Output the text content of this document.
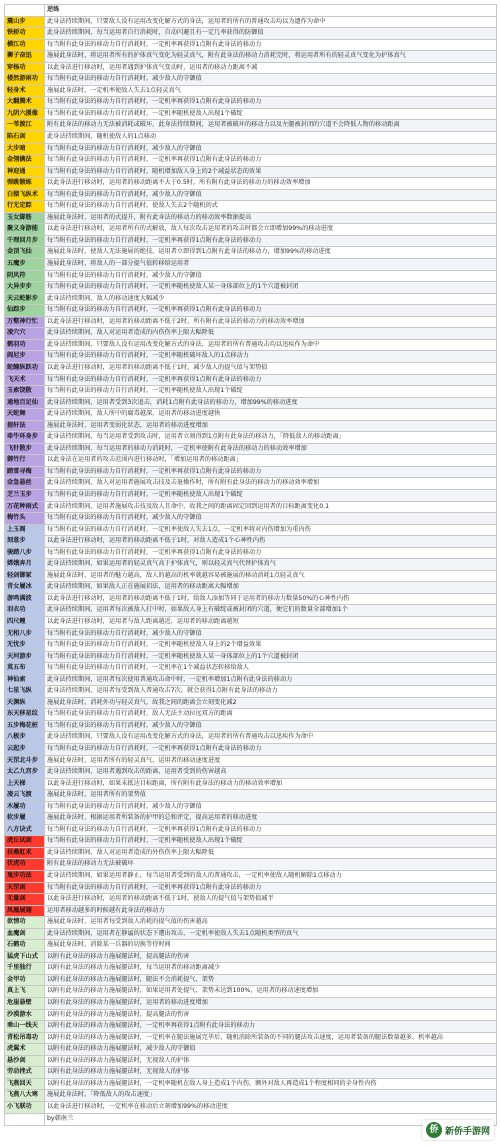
逆练
震山步	此身法持续期间，只要敌人没有运用改变化解方式的身法，运用者的所有的普通攻击均以为遗作为命中
铁轿功	此身法持续期间，每当运用者自行消耗时，自动闪避且有一定几率获得的防御值
横江功	每当附有此身法的移动力自行消耗时，一定机率再获得1点附有此身法的移动力
狮子奋迅	施展此身法时，将运用者所有的护体真气变化为轻灵真气，附有此身法的移动力消耗完时，将运用者所有的轻灵真气变化为护体真气
穿杨功	以此身法进行移动时，运用者遇到护体真气变动时，运用者的移动力距离不减
楼然游雨功	每当附有此身法的移动力自行消耗时，减少敌人的守御值
轻身术	施展此身法时，一定机率使敌人失去1点轻灵真气
大翻腾术	每当附有此身法的移动力自行消耗时，一定机率再获得1点附有此身法的移动力
九阴六援像	每当附有此身法的移动力自行消耗时，一定机率随机使敌人出现1个破绽
一苇渡江	附有此身法的移动力无法被消耗或破坏，此身法持续期间，运用者被破坏的移动力以及左腿被封闭的穴道不会降低人物的移动距离
陷石剑	此身法持续期间，随机使敌人的1点移动
大步暗	每当附有此身法的移动力自行消耗时，减少敌人的守御值
金翎擒法	每当附有此身法的移动力自行消耗时，一定机率再获得1点附有此身法的移动力
神迎通	每当附有此身法的移动力自行消耗时，随机增加敌人身上的2个减益状态的效果
弹跳锻练	以此身法进行移动时，运用者的移动距离不大于0.5时，所有附有此身法的移动力的移动效率增加
白猿飞纵术	每当附有此身法的移动力自行消耗时，减少敌人的守御值
行无定踪	每当附有此身法的移动力自行消耗时，使敌人失去2个随机的式
玉女脚筋	施展此身法时，运用者的式提升，附有此身法的移动力的移动效率数据提高
聚义身游能	以此身法进行移动时，运用者所有的式解放，敌人每次攻击运用者的攻击时都会立即增加99%的移动进度
千理回月步	每当附有此身法的移动力自行消耗时，一定机率再获得1点附有此身法的移动力
金顶飞仙	施展此身法时，使敌人无法施展的绝技，运用者立即得到1点附有此身法的移动力，增加99%的移动进度
五魔步	施展此身法时，将敌人的一部分提气值转移给运用者
阴风符	每当附有此身法的移动力自行消耗时，减少敌人的守御值
大异步步	每当附有此身法的移动力自行消耗时，一定机率随机使敌人某一身体部位上的1个穴道被封闭
天云蛇影步	此身法持续期间，敌人的移动速度大幅减少
仙踪步	每当附有此身法的移动力自行消耗时，一定机率再获得1点附有此身法的移动力
万壑神行忙	以此身法进行移动时，运用者的移动距离不低于2时，所有附有此身法的移动力的移动效率增加
凌穴穴	此身法持续期间，敌人对运用者造成的内伤伤率上限大幅降低
鹤羽功	此身法持续期间，只要敌人没有运用改变化解方式的身法，运用者的所有普通攻击均以迅疾作为命中
阎尼步	每当附有此身法的移动力自行消耗时，一定机率随机破坏敌人的1点移动力
蛇缠纵跃功	以此身法进行移动时，运用者的移动距离不低于1时，减少敌人的提气值与架势值
飞天术	每当附有此身法的移动力自行消耗时，一定机率再获得1点附有此身法的移动力
玉索饶散	每当附有此身法的移动力自行消耗时，一定机率随机使敌人出现1个破绽
通地百足仙	此身法持续期间，运用者受到3次追击，消耗1点附有此身法的移动力，增加99%的移动进度
天蛇舞	此身法持续期间，敌人所中的腐毒越深，运用者的移动进度越快
提轩法	施展此身法时，运用者变弱化状态，运用者的移动进度增加
牵牛环身步	此身法持续期间，每当运用者受到攻击时，运用者立刻得到1点附有此身法的移动力，「降低敌人的移动距离」
飞针散步	此身法持续期间，每当运用者的移动力消耗时，一定机率使附有此身法的移动力的移动效率增加
御竹行	以此身法在运用者的攻击范围内进行移动时，「增加运用者的移动距离」
踏雪寻梅	每当附有此身法的移动力自行消耗时，一定机率再获得1点附有此身法的移动力
金急悬丝	此身法持续期间，敌人对运用者施展攻击技及击退操作时，所有附有此身法的移动力的移动效率增加
芝兰玉步	每当附有此身法的移动力自行消耗时，一定机率随机使敌人出现1个破绽
万花种雨式	此身法持续期间，运用者施展攻击技及敌人且命中，故我之间的距离固定回到运用者的目标距离变化0.1
梅竹头	每当附有此身法的移动力自行消耗时，减少敌人的守御值
上玉阁	每当附有此身法的移动力自行消耗时，一定机率使敌人失去1点，一定机率将对内伤增加为重内伤
刻意步	以此身法进行移动时，运用者的移动距离不低于1时，对敌人造成1个心神性内伤
骏踏八步	每当附有此身法的移动力自行消耗时，一定机率再获得1点附有此身法的移动力
嫦娥奔月	此身法持续期间，如果运用者的轻灵真气高于护体真气，则以轻灵真气代替护体真气
轻剑御冢	施展此身法时，运用者的魅力越高，敌人的越高的机率就越容易被施展的移动消耗1点轻灵真气
青女履冰	此身法持续期间，如果敌人正在施展招法，运用者的移动距离大幅增加
游鸣满波	以此身法进行移动时，运用者的移动距离不低于1时，给敌人添加等同于运用者的移动力数量50%的心神性内伤
羽衣功	此身法持续期间，运用者每次被敌人打中时，如果敌人身上有破绽或被封闭的穴道，便它们的数量全部增加1个
四尺鲤	以此身法进行移动时，运用者与敌人距离越近，运用者的移动距离越短
无相八步	每当附有此身法的移动力自行消耗时，减少敌人的守御值
无忧步	每当附有此身法的移动力自行消耗时，一定机率随机使敌人身上的2个增益效果
天河游步	每当附有此身法的移动力自行消耗时，一定机率随机使敌人某一身体部位上的1个穴道被封闭
莫五布	每当附有此身法的移动力自行消耗时，一定机率在1个减益状态转移给敌人
神仙索	此身法持续期间，运用者每次使用普通攻击命中时，一定机率增加1点附有此身法的移动力
七星飞纵	此身法持续期间，运用者每受到敌人普通攻击7次，就会获得1点附有此身法的移动力
天渊纵	施展此身法时，消耗外功与轻灵真气，故我之间的距离会立刻变化减2
东天移星纹	每当附有此身法的移动力自行消耗时，敌人无法主动拉远双方的距离
五步梅花桩	每当附有此身法的移动力自行消耗时，减少敌人的守御值
八极步	此身法持续期间，只要敌人没有运用改变化解方式的身法，运用者的所有普通攻击以迅疾作为命中
云起步	每当附有此身法的移动力自行消耗时，一定机率再获得1点附有此身法的移动力
天罡北斗步	施展此身法时，运用者所有的轻灵真气，运用者的移动速度进度
太乙九宫步	此身法持续期间，运用者遇到攻击的距离，运用者受到的伤害越高
上天梯	以此身法进行移动时，如果未抵达目标距离，所有附有此身法的移动力的移动效率增加
凌云飞渡	施展此身法时，运用者所有的架势值
木履功	每当附有此身法的移动力自行消耗时，减少敌人的守御值
软步履	施展此身法时，根据运用者所装备的护甲的总和评定，提高运用者的移动进度
八方诀式	每当附有此身法的移动力自行消耗时，一定机率再获得1点附有此身法的移动力
虎丘试剑	每当附有此身法的移动力自行消耗时，一定机率随机使敌人出现1个破绽
扶桑虹术	此身法持续期间，敌人对运用者造成的外伤伤率上限大幅降低
伏虎功	附有此身法的移动力无法被破坏
鬼步功法	此身法持续期间，如果运用者静止，每当运用者受到的敌人的普通攻击，一定机率使敌人随机解除1点移动力
天罡剑	每当附有此身法的移动力自行消耗时，一定机率再获得1点附有此身法的移动力
无量剑	以此身法进行移动时，运用者的移动距离不低于1时，使敌人的提气值与架势值减半
凤凰展翅	运用者移动越多的时候越有此身法的移动力
欲情功	施展此身法时，运用者每受到敌人消耗的提气值的伤害越高
血魔剑	此身法持续期间，运用者在静谧的状态下遭出攻击，一定机率使敌人失去1点随机类型的真气
石鹤功	施展此身法时，消除某一兵器的切换等待时间
猛虎下山式	以附有此身法的移动力施展腿法时，提高腿法的伤害
千里独行	以附有此身法的移动力施展腿法时，每当运用者的移动距离减少
金甲功	以附有此身法的移动力施展腿法时，腿法不会消耗提气、架势
真上飞	以附有此身法的移动力施展腿法时，如果运用者处提气、架势未达到100%，运用者的移动速度增加
危崖悬壁	以附有此身法的移动力施展腿法时，运用者的移动进度增加
沙漠游水	以附有此身法的移动力施展腿法时，提高腿法的伤害
乘山一线天	以附有此身法的移动力施展腿法时，一定机率再获得1点附有此身法的移动力
青松吊毒功	以附有此身法的移动力施展腿法时，一定机率在腿法施展完毕后，随机消除所装备的不同的腿法攻击速度，运用者装备的腿法数量越多，机率越高
虎翼术	以附有此身法的移动力施展腿法时，减少敌人的守御值
悬沙剑	以附有此身法的移动力施展腿法时，无视敌人的护体
劳动挫式	以附有此身法的移动力施展腿法时，无视敌人的护体
飞燕回天	以附有此身法的移动力施展腿法时，一定机率随机在敌人身上造成1个内伤，额外对敌人再造成1个程度相同的全身性内伤
飞燕八大寒	施展此身法时，「降低敌人的攻击速度」
小飞联功	以此身法进行移动时，一定机率在移动后立刻增加99%的移动进度
by韩南兰
侨 新侨手游网
